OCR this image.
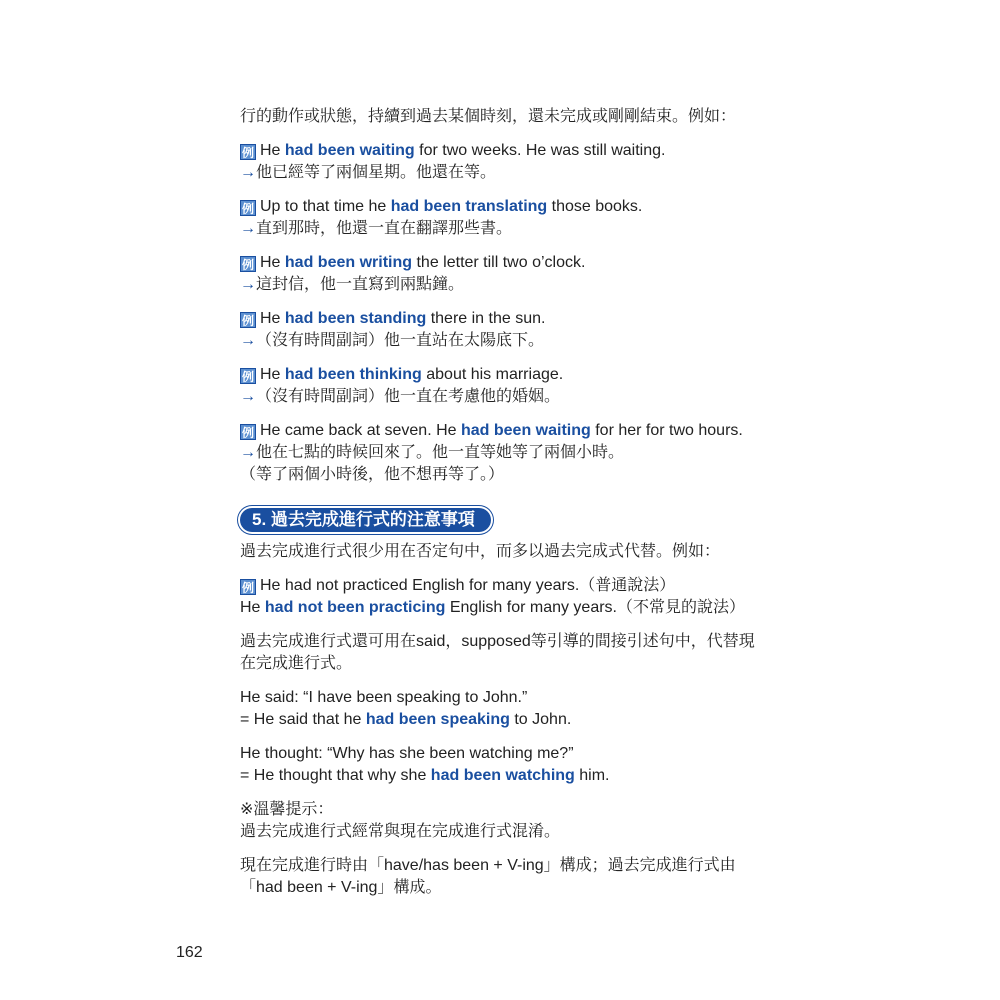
行的動作或狀態，持續到過去某個時刻，還未完成或剛剛結束。例如：
例 He had been waiting for two weeks. He was still waiting.
→他已經等了兩個星期。他還在等。
例 Up to that time he had been translating those books.
→直到那時，他還一直在翻譯那些書。
例 He had been writing the letter till two o’clock.
→這封信，他一直寫到兩點鐘。
例 He had been standing there in the sun.
→（沒有時間副詞）他一直站在太陽底下。
例 He had been thinking about his marriage.
→（沒有時間副詞）他一直在考慮他的婚姻。
例 He came back at seven. He had been waiting for her for two hours.
→他在七點的時候回來了。他一直等她等了兩個小時。
（等了兩個小時後，他不想再等了。）
過去完成進行式很少用在否定句中，而多以過去完成式代替。例如：
例 He had not practiced English for many years.（普通說法）
He had not been practicing English for many years.（不常見的說法）
過去完成進行式還可用在said，supposed等引導的間接引述句中，代替現
在完成進行式。
He said: “I have been speaking to John.”
= He said that he had been speaking to John.
He thought: “Why has she been watching me?”
= He thought that why she had been watching him.
※溫馨提示：
過去完成進行式經常與現在完成進行式混淆。
現在完成進行時由「have/has been + V-ing」構成；過去完成進行式由
「had been + V-ing」構成。
5. 過去完成進行式的注意事項
162
